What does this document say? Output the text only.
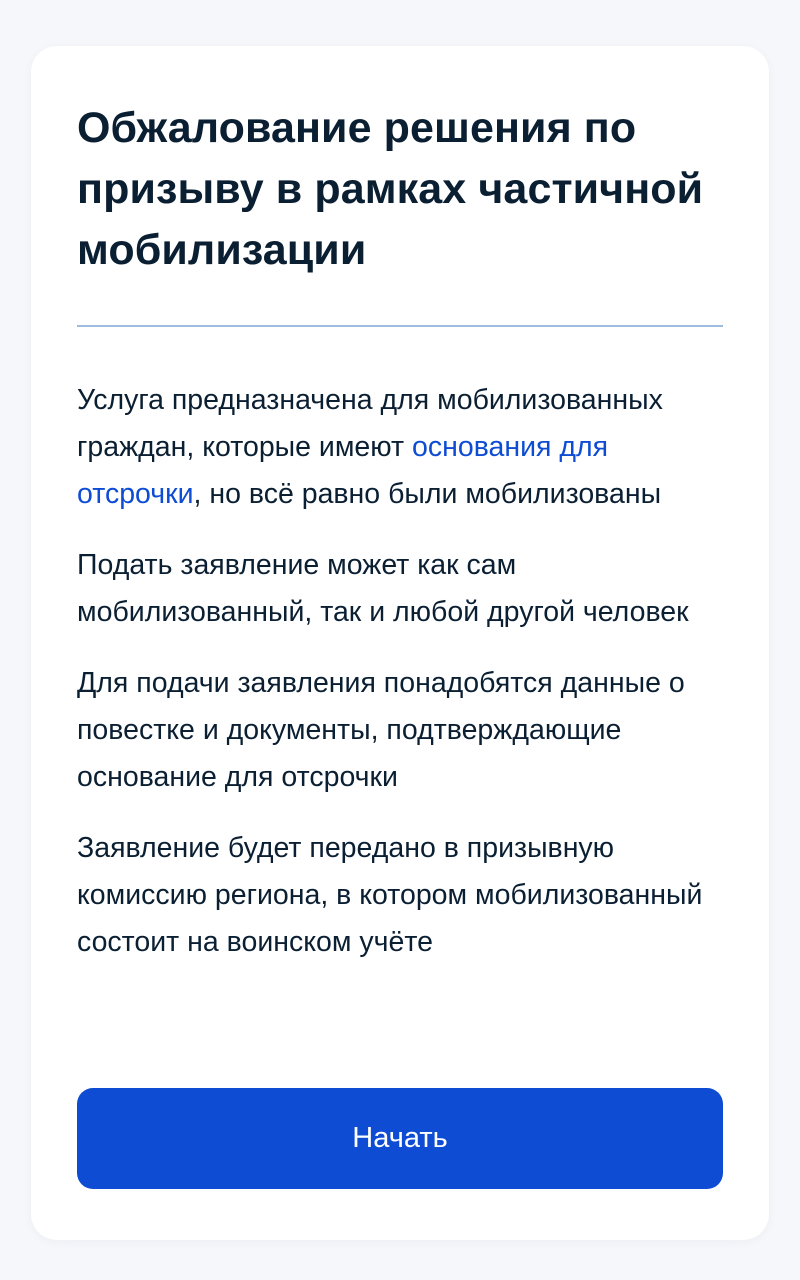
Обжалование решения по призыву в рамках частичной мобилизации

Услуга предназначена для мобилизованных граждан, которые имеют основания для отсрочки, но всё равно были мобилизованы

Подать заявление может как сам мобилизованный, так и любой другой человек

Для подачи заявления понадобятся данные о повестке и документы, подтверждающие основание для отсрочки

Заявление будет передано в призывную комиссию региона, в котором мобилизованный состоит на воинском учёте

Начать
